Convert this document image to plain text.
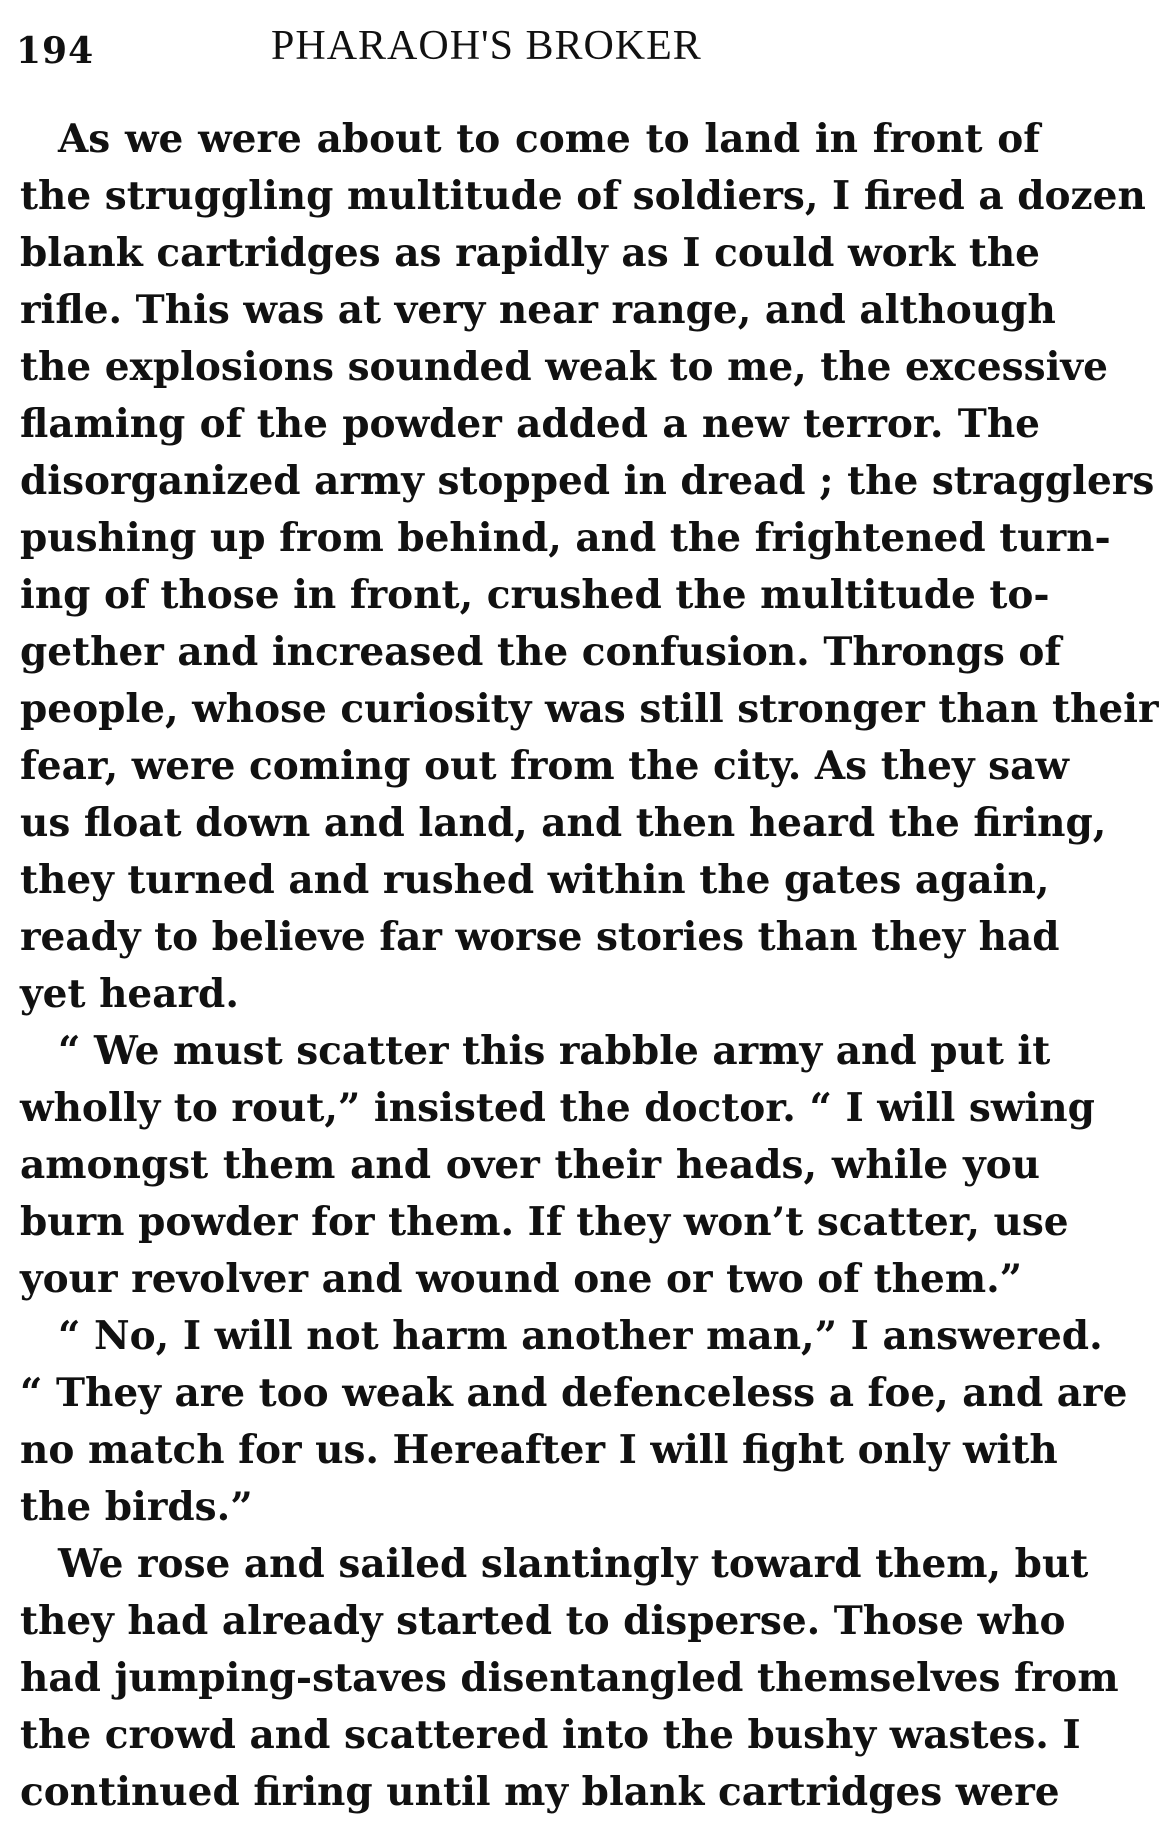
194	PHARAOH'S BROKER
As we were about to come to land in front of
the struggling multitude of soldiers, I fired a dozen
blank cartridges as rapidly as I could work the
rifle. This was at very near range, and although
the explosions sounded weak to me, the excessive
flaming of the powder added a new terror. The
disorganized army stopped in dread ; the stragglers
pushing up from behind, and the frightened turn-
ing of those in front, crushed the multitude to-
gether and increased the confusion. Throngs of
people, whose curiosity was still stronger than their
fear, were coming out from the city. As they saw
us float down and land, and then heard the firing,
they turned and rushed within the gates again,
ready to believe far worse stories than they had
yet heard.
“ We must scatter this rabble army and put it
wholly to rout,” insisted the doctor. “ I will swing
amongst them and over their heads, while you
burn powder for them. If they won’t scatter, use
your revolver and wound one or two of them.”
“ No, I will not harm another man,” I answered.
“ They are too weak and defenceless a foe, and are
no match for us. Hereafter I will fight only with
the birds.”
We rose and sailed slantingly toward them, but
they had already started to disperse. Those who
had jumping-staves disentangled themselves from
the crowd and scattered into the bushy wastes. I
continued firing until my blank cartridges were
